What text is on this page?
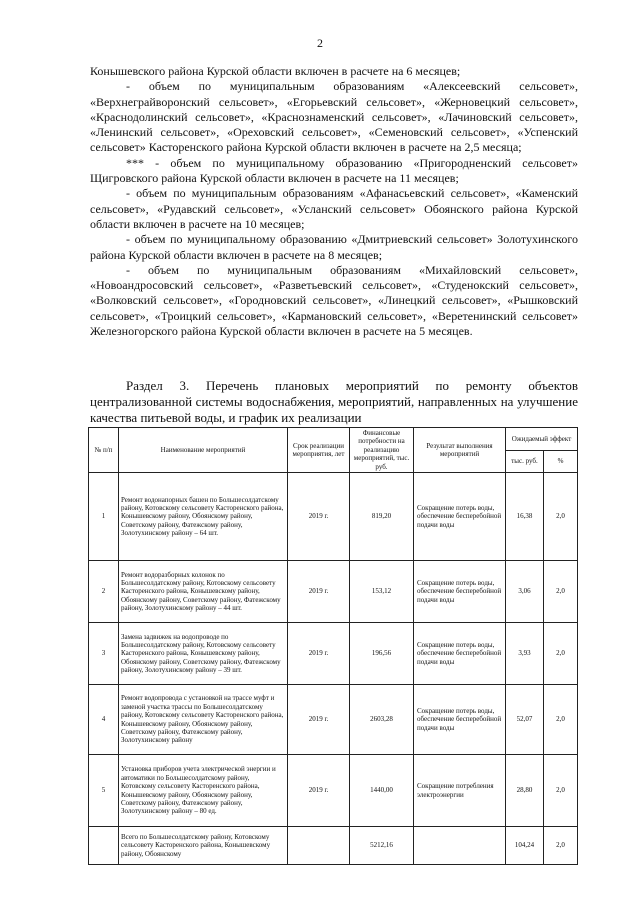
2

Конышевского района Курской области включен в расчете на 6 месяцев;

- объем по муниципальным образованиям «Алексеевский сельсовет», «Верхнеграйворонский сельсовет», «Егорьевский сельсовет», «Жерновецкий сельсовет», «Краснодолинский сельсовет», «Краснознаменский сельсовет», «Лачиновский сельсовет», «Ленинский сельсовет», «Ореховский сельсовет», «Семеновский сельсовет», «Успенский сельсовет» Касторенского района Курской области включен в расчете на 2,5 месяца;

*** - объем по муниципальному образованию «Пригородненский сельсовет» Щигровского района Курской области включен в расчете на 11 месяцев;

- объем по муниципальным образованиям «Афанасьевский сельсовет», «Каменский сельсовет», «Рудавский сельсовет», «Усланский сельсовет» Обоянского района Курской области включен в расчете на 10 месяцев;

- объем по муниципальному образованию «Дмитриевский сельсовет» Золотухинского района Курской области включен в расчете на 8 месяцев;

- объем по муниципальным образованиям «Михайловский сельсовет», «Новоандросовский сельсовет», «Разветьевский сельсовет», «Студенокский сельсовет», «Волковский сельсовет», «Городновский сельсовет», «Линецкий сельсовет», «Рышковский сельсовет», «Троицкий сельсовет», «Кармановский сельсовет», «Веретенинский сельсовет» Железногорского района Курской области включен в расчете на 5 месяцев.

Раздел 3. Перечень плановых мероприятий по ремонту объектов централизованной системы водоснабжения, мероприятий, направленных на улучшение качества питьевой воды, и график их реализации

№ п/п	Наименование мероприятий	Срок реализации мероприятия, лет	Финансовые потребности на реализацию мероприятий, тыс. руб.	Результат выполнения мероприятий	Ожидаемый эффект	
					тыс. руб.	%
1	Ремонт водонапорных башен по Большесолдатскому району, Котовскому сельсовету Касторенского района, Конышевскому району, Обоянскому району, Советскому району, Фатежскому району, Золотухинскому району – 64 шт.	2019 г.	819,20	Сокращение потерь воды, обеспечение бесперебойной подачи воды	16,38	2,0
2	Ремонт водоразборных колонок по Большесолдатскому району, Котовскому сельсовету Касторенского района, Конышевскому району, Обоянскому району, Советскому району, Фатежскому району, Золотухинскому району – 44 шт.	2019 г.	153,12	Сокращение потерь воды, обеспечение бесперебойной подачи воды	3,06	2,0
3	Замена задвижек на водопроводе по Большесолдатскому району, Котовскому сельсовету Касторенского района, Конышевскому району, Обоянскому району, Советскому району, Фатежскому району, Золотухинскому району – 39 шт.	2019 г.	196,56	Сокращение потерь воды, обеспечение бесперебойной подачи воды	3,93	2,0
4	Ремонт водопровода с установкой на трассе муфт и заменой участка трассы по Большесолдатскому району, Котовскому сельсовету Касторенского района, Конышевскому району, Обоянскому району, Советскому району, Фатежскому району, Золотухинскому району	2019 г.	2603,28	Сокращение потерь воды, обеспечение бесперебойной подачи воды	52,07	2,0
5	Установка приборов учета электрической энергии и автоматики по Большесолдатскому району, Котовскому сельсовету Касторенского района, Конышевскому району, Обоянскому району, Советскому району, Фатежскому району, Золотухинскому району – 80 ед.	2019 г.	1440,00	Сокращение потребления электроэнергии	28,80	2,0
	Всего по Большесолдатскому району, Котовскому сельсовету Касторенского района, Конышевскому району, Обоянскому		5212,16		104,24	2,0
